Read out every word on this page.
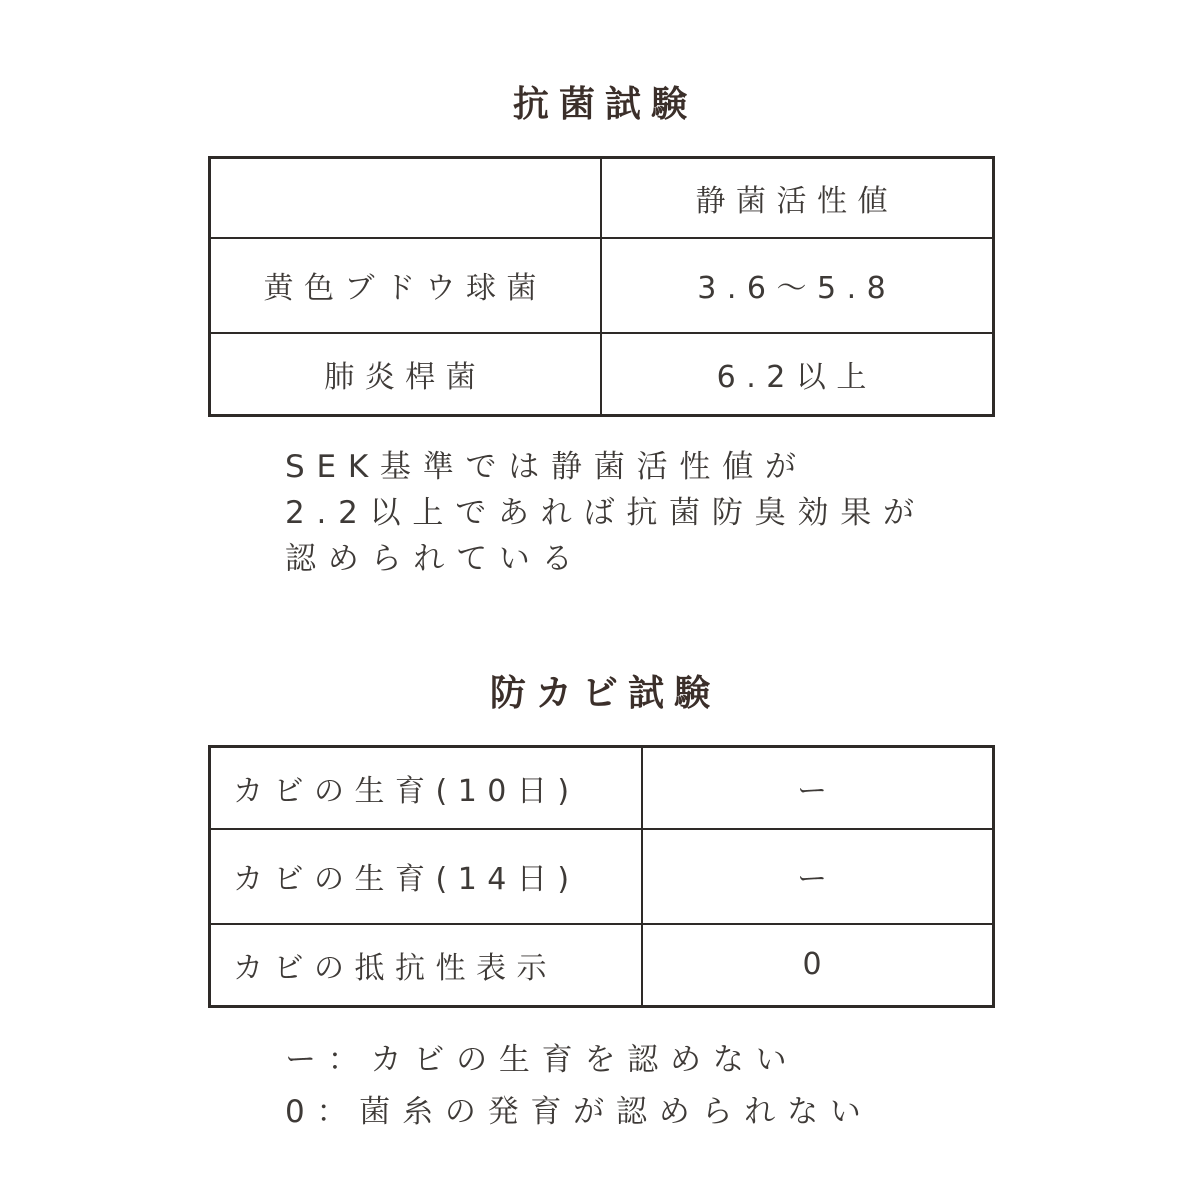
抗菌試験
	静菌活性値
黄色ブドウ球菌	3.6～5.8
肺炎桿菌	6.2以上
SEK基準では静菌活性値が
2.2以上であれば抗菌防臭効果が
認められている
防カビ試験
カビの生育(10日)	ー
カビの生育(14日)	ー
カビの抵抗性表示	0
ー：カビの生育を認めない
0：菌糸の発育が認められない
